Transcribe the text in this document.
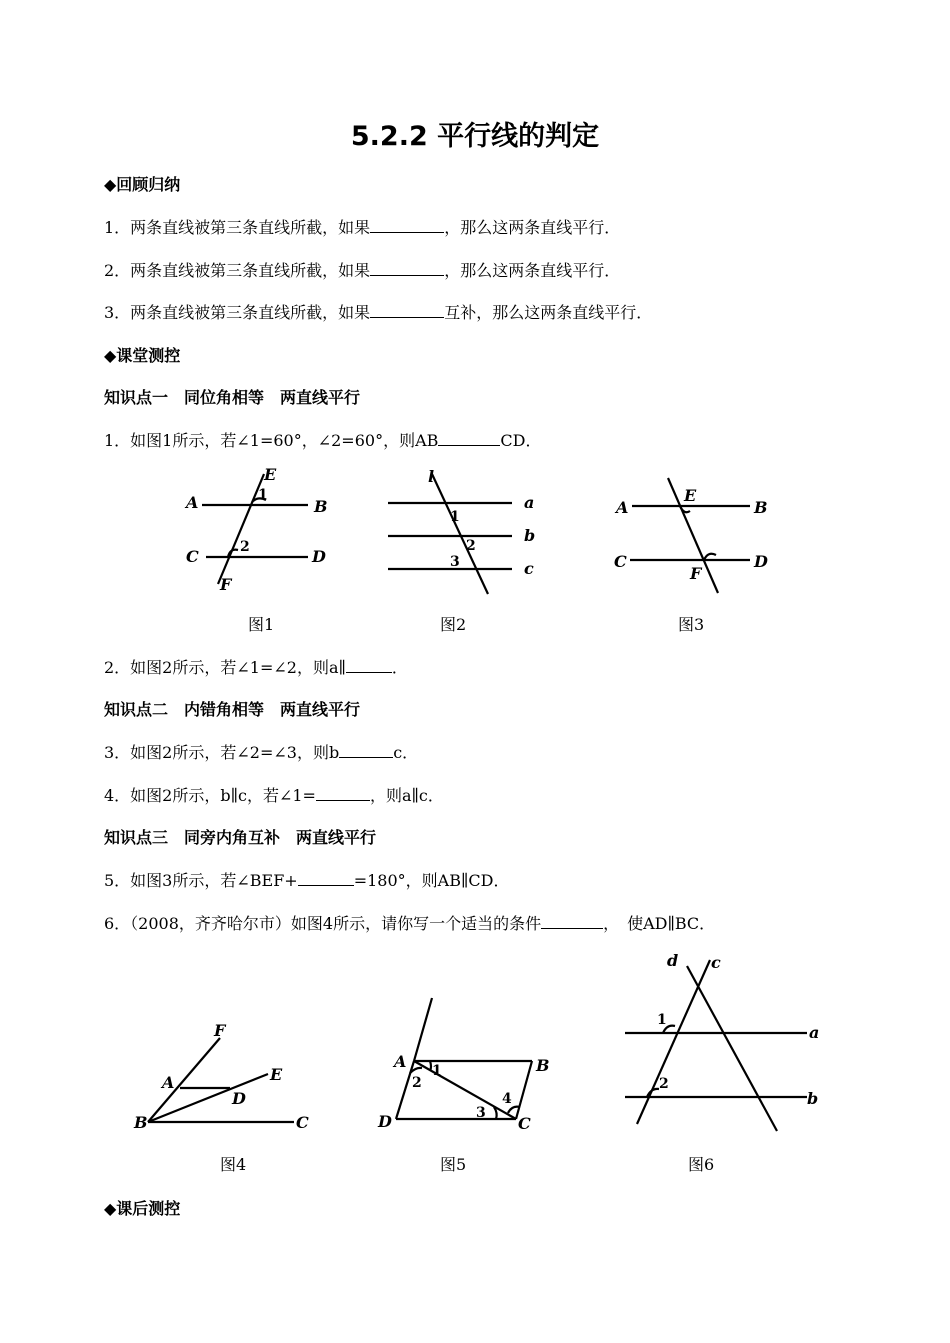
5.2.2 平行线的判定
◆回顾归纳
1．两条直线被第三条直线所截，如果	，那么这两条直线平行．
2．两条直线被第三条直线所截，如果	，那么这两条直线平行．
3．两条直线被第三条直线所截，如果	互补，那么这两条直线平行．
◆课堂测控
知识点一　同位角相等　两直线平行
1．如图1所示，若∠1=60°，∠2=60°，则AB	CD．
A	B
C	D
E
F
1
2
图1
l
a
b
c
1
2
3
图2
A	B
C	D
E
F
图3
2．如图2所示，若∠1=∠2，则a∥	．
知识点二　内错角相等　两直线平行
3．如图2所示，若∠2=∠3，则b	c．
4．如图2所示，b∥c，若∠1=	，则a∥c．
知识点三　同旁内角互补　两直线平行
5．如图3所示，若∠BEF+	=180°，则AB∥CD．
6．（2008，齐齐哈尔市）如图4所示，请你写一个适当的条件	，　使AD∥BC．
F
A	E
D
B	C
图4
A	B
D	C
1
2
3
4
图5
d c
a
b
1
2
图6
◆课后测控
